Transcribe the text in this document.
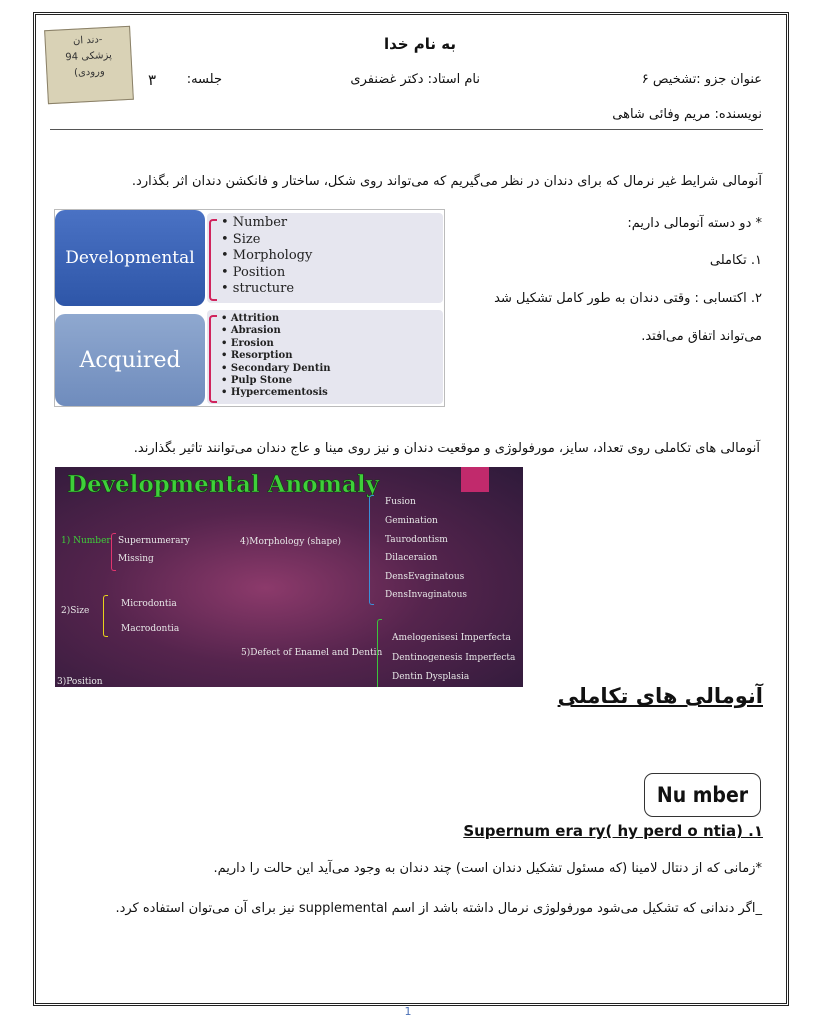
دند ان-
پزشکی 94
(ورودی
به نام خدا
عنوان جزو :تشخیص ۶
نام استاد: دکتر غضنفری
جلسه:
۳
نویسنده: مریم وفائی شاهی
آنومالی شرایط غیر نرمال که برای دندان در نظر می‌گیریم که می‌تواند روی شکل، ساختار و فانکشن دندان اثر بگذارد.
Developmental
• Number
• Size
• Morphology
• Position
• structure
Acquired
• Attrition
• Abrasion
• Erosion
• Resorption
• Secondary Dentin
• Pulp Stone
• Hypercementosis
* دو دسته آنومالی داریم:
۱. تکاملی
۲. اکتسابی : وقتی دندان به طور کامل تشکیل شد
می‌تواند اتفاق می‌افتد.
آنومالی های تکاملی روی تعداد، سایز، مورفولوژی و موقعیت دندان و نیز روی مینا و عاج دندان می‌توانند تاثیر بگذارند.
Developmental Anomaly
1) Number Supernumerary
Missing
2)Size
Microdontia
Macrodontia
3)Position
4)Morphology (shape)
Fusion
Gemination
Taurodontism
Dilaceraion
DensEvaginatous
DensInvaginatous
5)Defect of Enamel and Dentin
Amelogenisesi Imperfecta
Dentinogenesis Imperfecta
Dentin Dysplasia
آنومالی های تکاملی
Nu mber
Supernum era ry( hy perd o ntia) .۱
*زمانی که از دنتال لامینا (که مسئول تشکیل دندان است) چند دندان به وجود می‌آید این حالت را داریم.
_اگر دندانی که تشکیل می‌شود مورفولوژی نرمال داشته باشد از اسم supplemental نیز برای آن می‌توان استفاده کرد.
1
